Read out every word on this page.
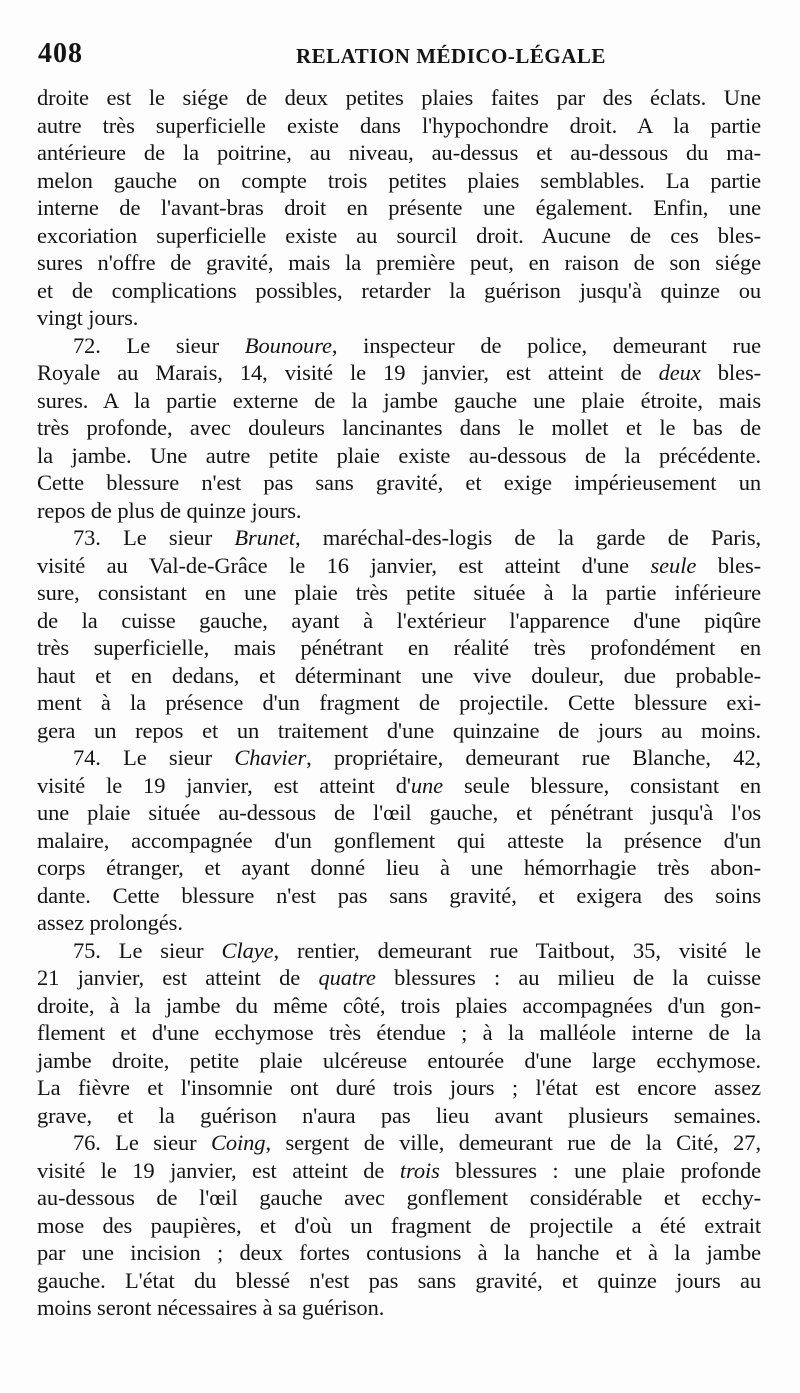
408	RELATION MÉDICO-LÉGALE
droite est le siége de deux petites plaies faites par des éclats. Une
autre très superficielle existe dans l'hypochondre droit. A la partie
antérieure de la poitrine, au niveau, au-dessus et au-dessous du ma-
melon gauche on compte trois petites plaies semblables. La partie
interne de l'avant-bras droit en présente une également. Enfin, une
excoriation superficielle existe au sourcil droit. Aucune de ces bles-
sures n'offre de gravité, mais la première peut, en raison de son siége
et de complications possibles, retarder la guérison jusqu'à quinze ou
vingt jours.
72. Le sieur Bounoure, inspecteur de police, demeurant rue
Royale au Marais, 14, visité le 19 janvier, est atteint de deux bles-
sures. A la partie externe de la jambe gauche une plaie étroite, mais
très profonde, avec douleurs lancinantes dans le mollet et le bas de
la jambe. Une autre petite plaie existe au-dessous de la précédente.
Cette blessure n'est pas sans gravité, et exige impérieusement un
repos de plus de quinze jours.
73. Le sieur Brunet, maréchal-des-logis de la garde de Paris,
visité au Val-de-Grâce le 16 janvier, est atteint d'une seule bles-
sure, consistant en une plaie très petite située à la partie inférieure
de la cuisse gauche, ayant à l'extérieur l'apparence d'une piqûre
très superficielle, mais pénétrant en réalité très profondément en
haut et en dedans, et déterminant une vive douleur, due probable-
ment à la présence d'un fragment de projectile. Cette blessure exi-
gera un repos et un traitement d'une quinzaine de jours au moins.
74. Le sieur Chavier, propriétaire, demeurant rue Blanche, 42,
visité le 19 janvier, est atteint d'une seule blessure, consistant en
une plaie située au-dessous de l'œil gauche, et pénétrant jusqu'à l'os
malaire, accompagnée d'un gonflement qui atteste la présence d'un
corps étranger, et ayant donné lieu à une hémorrhagie très abon-
dante. Cette blessure n'est pas sans gravité, et exigera des soins
assez prolongés.
75. Le sieur Claye, rentier, demeurant rue Taitbout, 35, visité le
21 janvier, est atteint de quatre blessures : au milieu de la cuisse
droite, à la jambe du même côté, trois plaies accompagnées d'un gon-
flement et d'une ecchymose très étendue ; à la malléole interne de la
jambe droite, petite plaie ulcéreuse entourée d'une large ecchymose.
La fièvre et l'insomnie ont duré trois jours ; l'état est encore assez
grave, et la guérison n'aura pas lieu avant plusieurs semaines.
76. Le sieur Coing, sergent de ville, demeurant rue de la Cité, 27,
visité le 19 janvier, est atteint de trois blessures : une plaie profonde
au-dessous de l'œil gauche avec gonflement considérable et ecchy-
mose des paupières, et d'où un fragment de projectile a été extrait
par une incision ; deux fortes contusions à la hanche et à la jambe
gauche. L'état du blessé n'est pas sans gravité, et quinze jours au
moins seront nécessaires à sa guérison.
